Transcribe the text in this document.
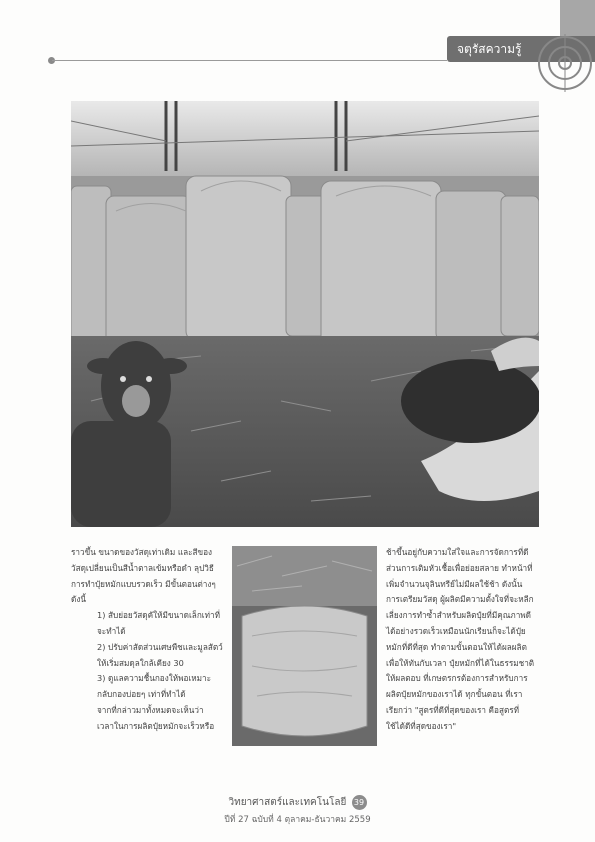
จตุรัสความรู้

ราวขึ้น ขนาดของวัสดุเท่าเดิม และสีของวัสดุเปลี่ยนเป็นสีน้ำตาลเข้มหรือดำ ลุปวิธีการทำปุ๋ยหมักแบบรวดเร็ว มีขั้นตอนต่างๆ ดังนี้

1) สับย่อยวัสดุคัให้มีขนาดเล็กเท่าที่จะทำได้

2) ปรับค่าสัดส่วนเศษพืชและมูลสัตว์ให้เริ่มสมดุลใกล้เคียง 30

3) ดูแลความชื้นกองให้พอเหมาะกลับกองบ่อยๆ เท่าที่ทำได้

จากที่กล่าวมาทั้งหมดจะเห็นว่า เวลาในการผลิตปุ๋ยหมักจะเร็วหรือ

ช้าขึ้นอยู่กับความใส่ใจและการจัดการที่ดี ส่วนการเติมหัวเชื้อเพื่อย่อยสลาย ทำหน้าที่เพิ่มจำนวนจุลินทรีย์ไม่มีผลใช้ช้า ดังนั้นการเตรียมวัสดุ ผู้ผลิตมีความตั้งใจที่จะหลีกเลี่ยงการทำซ้ำสำหรับผลิตปุ๋ยที่มีคุณภาพดีได้อย่างรวดเร็วเหมือนนักเรียนก็จะได้ปุ๋ยหมักที่ดีที่สุด ทำตามขั้นตอนให้ได้ผลผลิตเพื่อให้ทันกับเวลา ปุ๋ยหมักที่ได้ในธรรมชาติให้ผลตอบ ที่เกษตรกรต้องการสำหรับการผลิตปุ๋ยหมักของเราได้ ทุกขั้นตอน ที่เราเรียกว่า "สูตรที่ดีที่สุดของเรา คือสูตรที่ใช้ได้ดีที่สุดของเรา"

วิทยาศาสตร์และเทคโนโลยี 39
ปีที่ 27 ฉบับที่ 4 ตุลาคม-ธันวาคม 2559
